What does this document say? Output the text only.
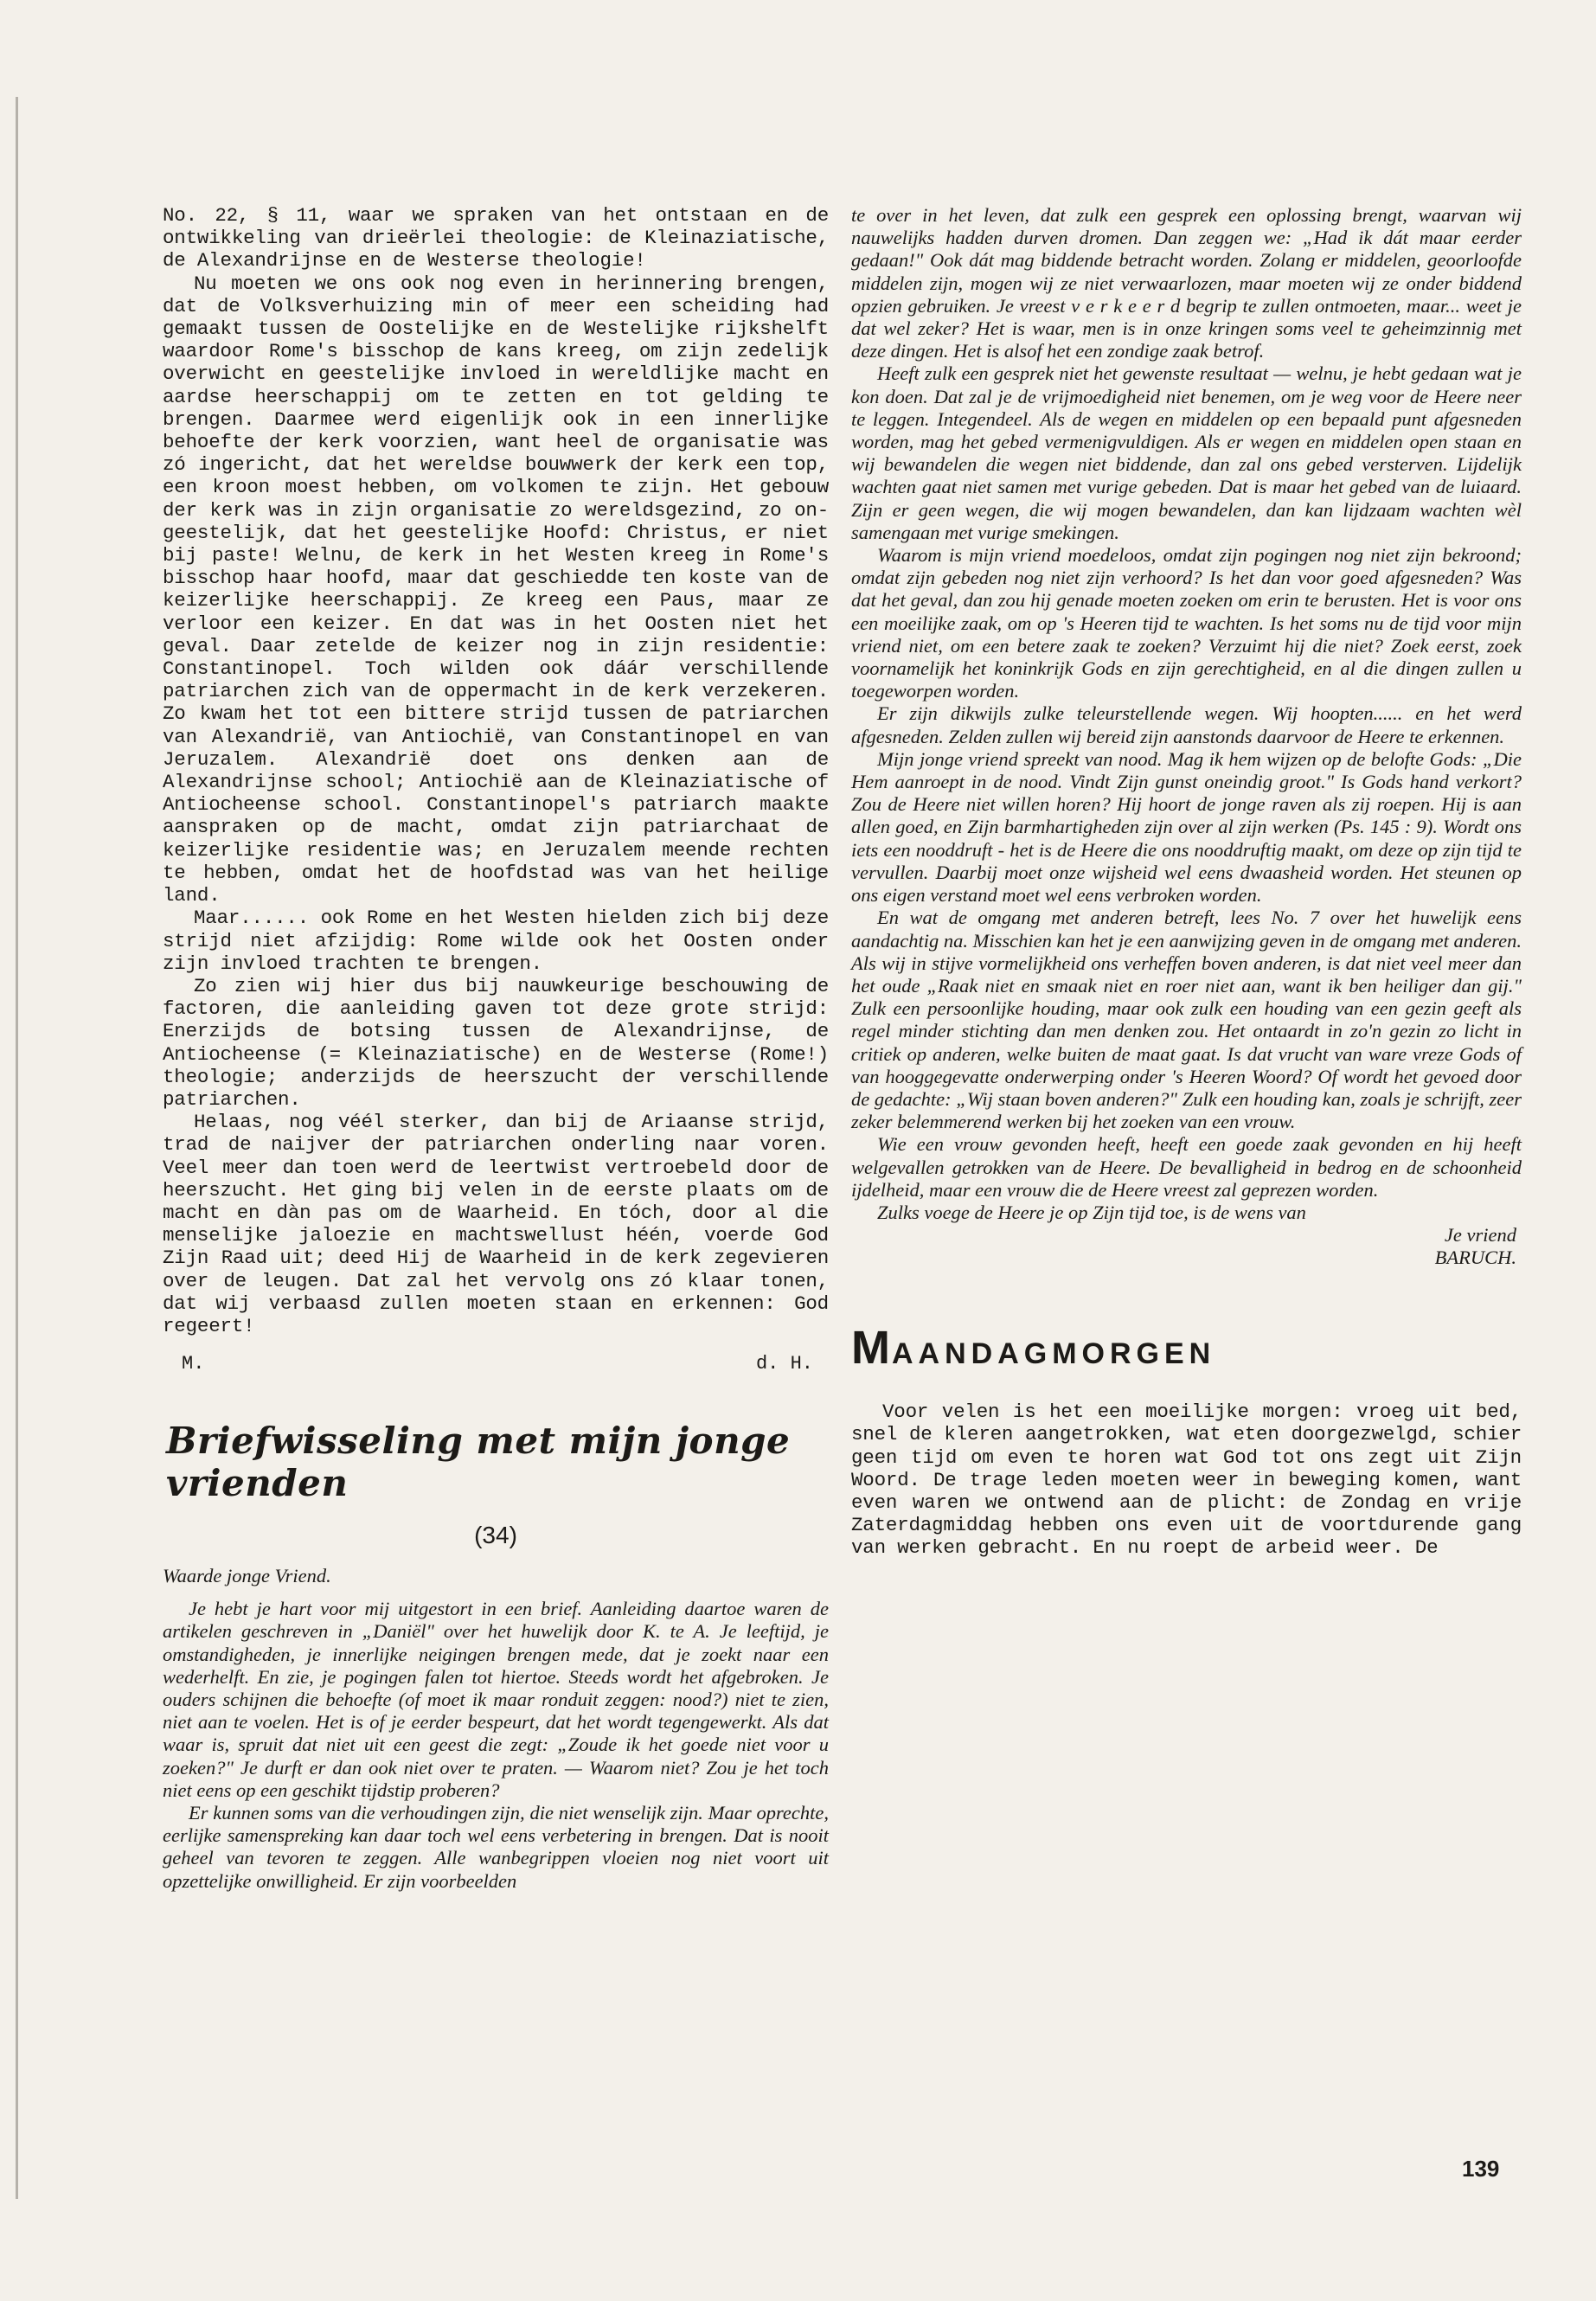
No. 22, § 11, waar we spraken van het ontstaan en de ontwikkeling van drieërlei theologie: de Kleinaziatische, de Alexandrijnse en de Westerse theologie!

Nu moeten we ons ook nog even in herinnering brengen, dat de Volksverhuizing min of meer een scheiding had gemaakt tussen de Oostelijke en de Westelijke rijkshelft waardoor Rome's bisschop de kans kreeg, om zijn zedelijk overwicht en geestelijke invloed in wereldlijke macht en aardse heerschappij om te zetten en tot gelding te brengen. Daarmee werd eigenlijk ook in een innerlijke behoefte der kerk voorzien, want heel de organisatie was zó ingericht, dat het wereldse bouwwerk der kerk een top, een kroon moest hebben, om volkomen te zijn. Het gebouw der kerk was in zijn organisatie zo wereldsgezind, zo on-geestelijk, dat het geestelijke Hoofd: Christus, er niet bij paste! Welnu, de kerk in het Westen kreeg in Rome's bisschop haar hoofd, maar dat geschiedde ten koste van de keizerlijke heerschappij. Ze kreeg een Paus, maar ze verloor een keizer. En dat was in het Oosten niet het geval. Daar zetelde de keizer nog in zijn residentie: Constantinopel. Toch wilden ook dáár verschillende patriarchen zich van de oppermacht in de kerk verzekeren. Zo kwam het tot een bittere strijd tussen de patriarchen van Alexandrië, van Antiochië, van Constantinopel en van Jeruzalem. Alexandrië doet ons denken aan de Alexandrijnse school; Antiochië aan de Kleinaziatische of Antiocheense school. Constantinopel's patriarch maakte aanspraken op de macht, omdat zijn patriarchaat de keizerlijke residentie was; en Jeruzalem meende rechten te hebben, omdat het de hoofdstad was van het heilige land.

Maar...... ook Rome en het Westen hielden zich bij deze strijd niet afzijdig: Rome wilde ook het Oosten onder zijn invloed trachten te brengen.

Zo zien wij hier dus bij nauwkeurige beschouwing de factoren, die aanleiding gaven tot deze grote strijd: Enerzijds de botsing tussen de Alexandrijnse, de Antiocheense (= Kleinaziatische) en de Westerse (Rome!) theologie; anderzijds de heerszucht der verschillende patriarchen.

Helaas, nog véél sterker, dan bij de Ariaanse strijd, trad de naijver der patriarchen onderling naar voren. Veel meer dan toen werd de leertwist vertroebeld door de heerszucht. Het ging bij velen in de eerste plaats om de macht en dàn pas om de Waarheid. En tóch, door al die menselijke jaloezie en machtswellust héén, voerde God Zijn Raad uit; deed Hij de Waarheid in de kerk zegevieren over de leugen. Dat zal het vervolg ons zó klaar tonen, dat wij verbaasd zullen moeten staan en erkennen: God regeert!

M.	d. H.
Briefwisseling met mijn jonge vrienden
(34)
Waarde jonge Vriend.

Je hebt je hart voor mij uitgestort in een brief. Aanleiding daartoe waren de artikelen geschreven in „Daniël" over het huwelijk door K. te A. Je leeftijd, je omstandigheden, je innerlijke neigingen brengen mede, dat je zoekt naar een wederhelft. En zie, je pogingen falen tot hiertoe. Steeds wordt het afgebroken. Je ouders schijnen die behoefte (of moet ik maar ronduit zeggen: nood?) niet te zien, niet aan te voelen. Het is of je eerder bespeurt, dat het wordt tegengewerkt. Als dat waar is, spruit dat niet uit een geest die zegt: „Zoude ik het goede niet voor u zoeken?" Je durft er dan ook niet over te praten. — Waarom niet? Zou je het toch niet eens op een geschikt tijdstip proberen?

Er kunnen soms van die verhoudingen zijn, die niet wenselijk zijn. Maar oprechte, eerlijke samenspreking kan daar toch wel eens verbetering in brengen. Dat is nooit geheel van tevoren te zeggen. Alle wanbegrippen vloeien nog niet voort uit opzettelijke onwilligheid. Er zijn voorbeelden

te over in het leven, dat zulk een gesprek een oplossing brengt, waarvan wij nauwelijks hadden durven dromen. Dan zeggen we: „Had ik dát maar eerder gedaan!" Ook dát mag biddende betracht worden. Zolang er middelen, geoorloofde middelen zijn, mogen wij ze niet verwaarlozen, maar moeten wij ze onder biddend opzien gebruiken. Je vreest v e r k e e r d begrip te zullen ontmoeten, maar... weet je dat wel zeker? Het is waar, men is in onze kringen soms veel te geheimzinnig met deze dingen. Het is alsof het een zondige zaak betrof.

Heeft zulk een gesprek niet het gewenste resultaat — welnu, je hebt gedaan wat je kon doen. Dat zal je de vrijmoedigheid niet benemen, om je weg voor de Heere neer te leggen. Integendeel. Als de wegen en middelen op een bepaald punt afgesneden worden, mag het gebed vermenigvuldigen. Als er wegen en middelen open staan en wij bewandelen die wegen niet biddende, dan zal ons gebed versterven. Lijdelijk wachten gaat niet samen met vurige gebeden. Dat is maar het gebed van de luiaard. Zijn er geen wegen, die wij mogen bewandelen, dan kan lijdzaam wachten wèl samengaan met vurige smekingen.

Waarom is mijn vriend moedeloos, omdat zijn pogingen nog niet zijn bekroond; omdat zijn gebeden nog niet zijn verhoord? Is het dan voor goed afgesneden? Was dat het geval, dan zou hij genade moeten zoeken om erin te berusten. Het is voor ons een moeilijke zaak, om op 's Heeren tijd te wachten. Is het soms nu de tijd voor mijn vriend niet, om een betere zaak te zoeken? Verzuimt hij die niet? Zoek eerst, zoek voornamelijk het koninkrijk Gods en zijn gerechtigheid, en al die dingen zullen u toegeworpen worden.

Er zijn dikwijls zulke teleurstellende wegen. Wij hoopten...... en het werd afgesneden. Zelden zullen wij bereid zijn aanstonds daarvoor de Heere te erkennen.

Mijn jonge vriend spreekt van nood. Mag ik hem wijzen op de belofte Gods: „Die Hem aanroept in de nood. Vindt Zijn gunst oneindig groot." Is Gods hand verkort? Zou de Heere niet willen horen? Hij hoort de jonge raven als zij roepen. Hij is aan allen goed, en Zijn barmhartigheden zijn over al zijn werken (Ps. 145 : 9). Wordt ons iets een nooddruft - het is de Heere die ons nooddruftig maakt, om deze op zijn tijd te vervullen. Daarbij moet onze wijsheid wel eens dwaasheid worden. Het steunen op ons eigen verstand moet wel eens verbroken worden.

En wat de omgang met anderen betreft, lees No. 7 over het huwelijk eens aandachtig na. Misschien kan het je een aanwijzing geven in de omgang met anderen. Als wij in stijve vormelijkheid ons verheffen boven anderen, is dat niet veel meer dan het oude „Raak niet en smaak niet en roer niet aan, want ik ben heiliger dan gij." Zulk een persoonlijke houding, maar ook zulk een houding van een gezin geeft als regel minder stichting dan men denken zou. Het ontaardt in zo'n gezin zo licht in critiek op anderen, welke buiten de maat gaat. Is dat vrucht van ware vreze Gods of van hooggegevatte onderwerping onder 's Heeren Woord? Of wordt het gevoed door de gedachte: „Wij staan boven anderen?" Zulk een houding kan, zoals je schrijft, zeer zeker belemmerend werken bij het zoeken van een vrouw.

Wie een vrouw gevonden heeft, heeft een goede zaak gevonden en hij heeft welgevallen getrokken van de Heere. De bevalligheid in bedrog en de schoonheid ijdelheid, maar een vrouw die de Heere vreest zal geprezen worden.

Zulks voege de Heere je op Zijn tijd toe, is de wens van

Je vriend
BARUCH.
MAANDAGMORGEN

Voor velen is het een moeilijke morgen: vroeg uit bed, snel de kleren aangetrokken, wat eten doorgezwelgd, schier geen tijd om even te horen wat God tot ons zegt uit Zijn Woord. De trage leden moeten weer in beweging komen, want even waren we ontwend aan de plicht: de Zondag en vrije Zaterdagmiddag hebben ons even uit de voortdurende gang van werken gebracht. En nu roept de arbeid weer. De

139
